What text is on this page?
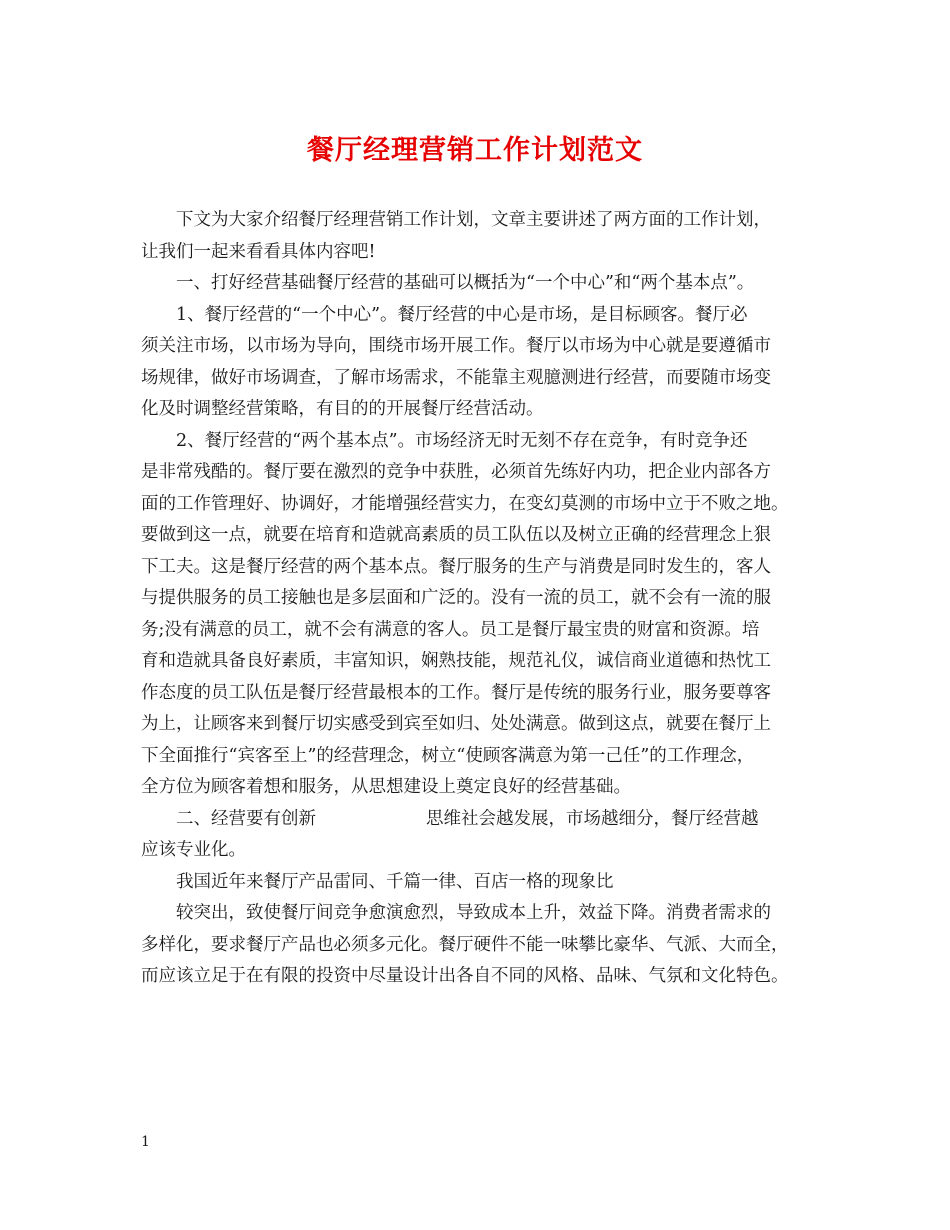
餐厅经理营销工作计划范文
下文为大家介绍餐厅经理营销工作计划，文章主要讲述了两方面的工作计划，
让我们一起来看看具体内容吧!
一、打好经营基础餐厅经营的基础可以概括为“一个中心”和“两个基本点”。
1、餐厅经营的“一个中心”。餐厅经营的中心是市场，是目标顾客。餐厅必
须关注市场，以市场为导向，围绕市场开展工作。餐厅以市场为中心就是要遵循市
场规律，做好市场调查，了解市场需求，不能靠主观臆测进行经营，而要随市场变
化及时调整经营策略，有目的的开展餐厅经营活动。
2、餐厅经营的“两个基本点”。市场经济无时无刻不存在竞争，有时竞争还
是非常残酷的。餐厅要在激烈的竞争中获胜，必须首先练好内功，把企业内部各方
面的工作管理好、协调好，才能增强经营实力，在变幻莫测的市场中立于不败之地。
要做到这一点，就要在培育和造就高素质的员工队伍以及树立正确的经营理念上狠
下工夫。这是餐厅经营的两个基本点。餐厅服务的生产与消费是同时发生的，客人
与提供服务的员工接触也是多层面和广泛的。没有一流的员工，就不会有一流的服
务;没有满意的员工，就不会有满意的客人。员工是餐厅最宝贵的财富和资源。培
育和造就具备良好素质，丰富知识，娴熟技能，规范礼仪，诚信商业道德和热忱工
作态度的员工队伍是餐厅经营最根本的工作。餐厅是传统的服务行业，服务要尊客
为上，让顾客来到餐厅切实感受到宾至如归、处处满意。做到这点，就要在餐厅上
下全面推行“宾客至上”的经营理念，树立“使顾客满意为第一己任”的工作理念，
全方位为顾客着想和服务，从思想建设上奠定良好的经营基础。
二、经营要有创新	思维社会越发展，市场越细分，餐厅经营越
应该专业化。
我国近年来餐厅产品雷同、千篇一律、百店一格的现象比
较突出，致使餐厅间竞争愈演愈烈，导致成本上升，效益下降。消费者需求的
多样化，要求餐厅产品也必须多元化。餐厅硬件不能一味攀比豪华、气派、大而全，
而应该立足于在有限的投资中尽量设计出各自不同的风格、品味、气氛和文化特色。
1
